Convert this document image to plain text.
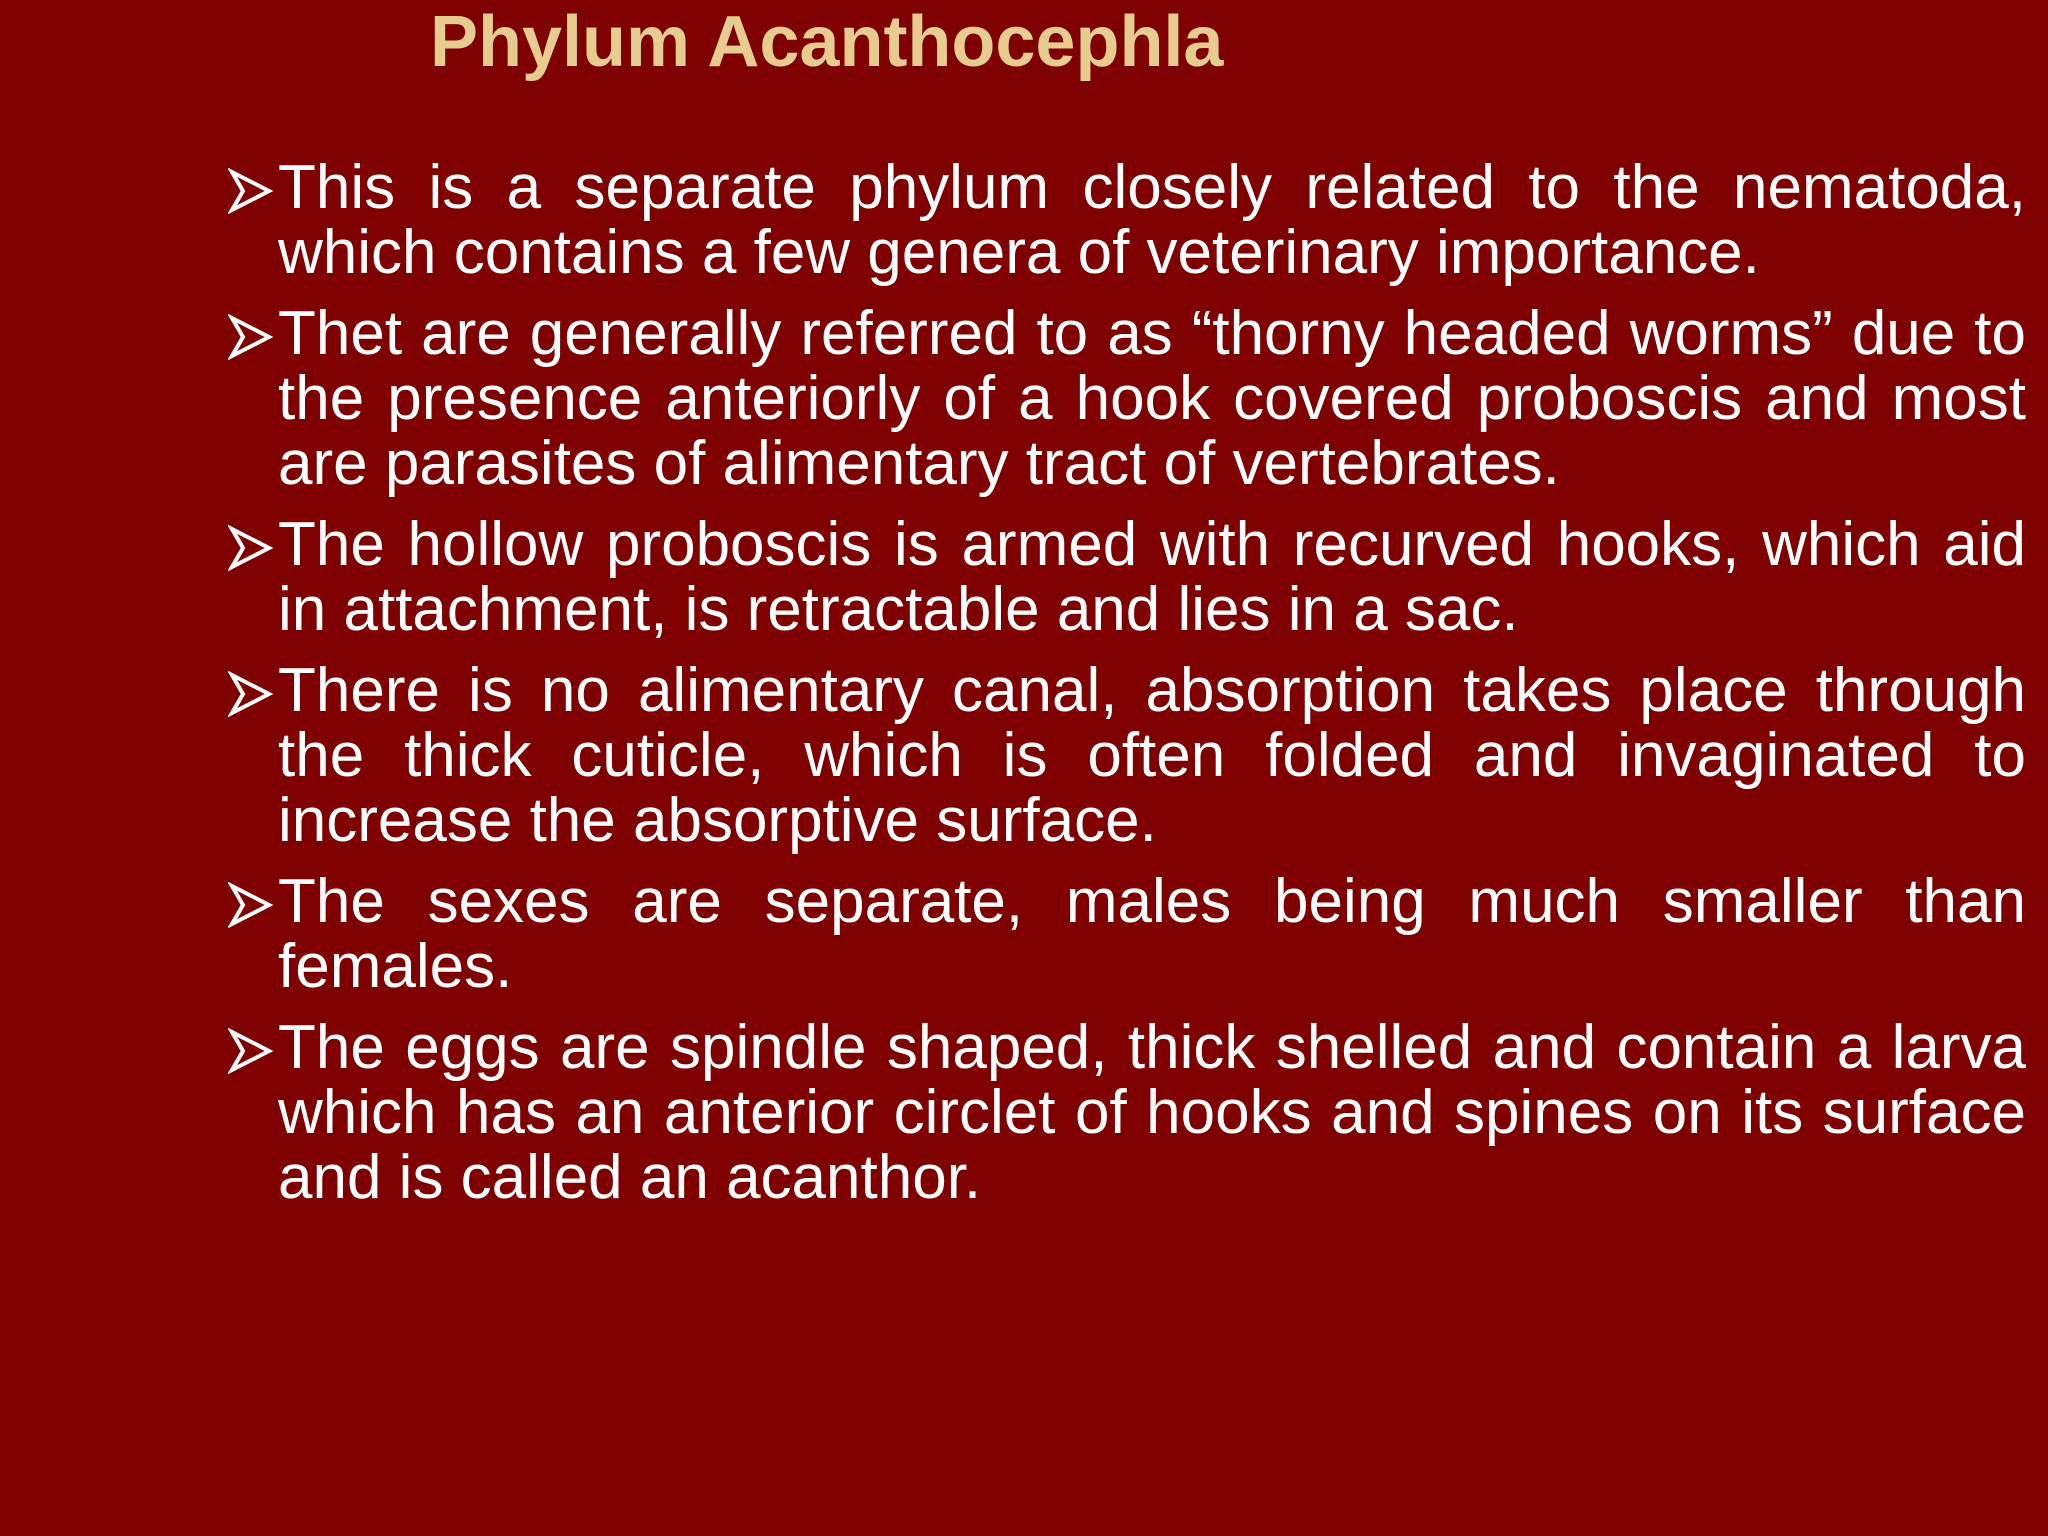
Phylum Acanthocephla
This is a separate phylum closely related to the nematoda, which contains a few genera of veterinary importance.
Thet are generally referred to as “thorny headed worms” due to the presence anteriorly of a hook covered proboscis and most are parasites of alimentary tract of vertebrates.
The hollow proboscis is armed with recurved hooks, which aid in attachment, is retractable and lies in a sac.
There is no alimentary canal, absorption takes place through the thick cuticle, which is often folded and invaginated to increase the absorptive surface.
The sexes are separate, males being much smaller than females.
The eggs are spindle shaped, thick shelled and contain a larva which has an anterior circlet of hooks and spines on its surface and is called an acanthor.
